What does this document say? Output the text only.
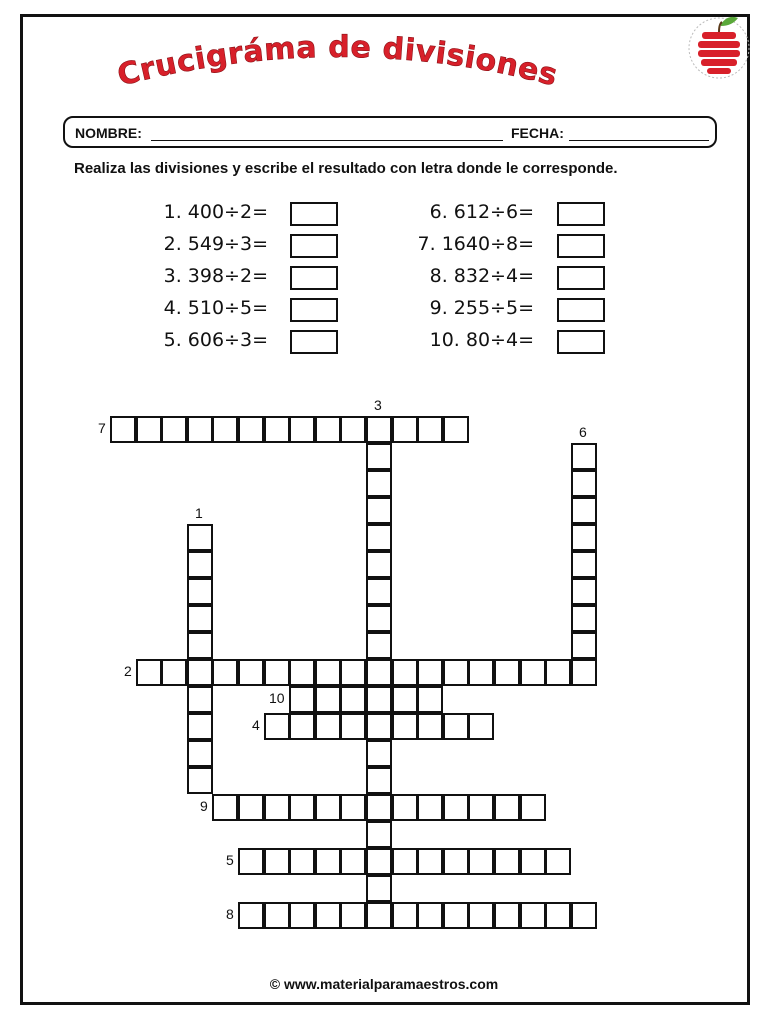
Crucigráma de divisiones
NOMBRE:	FECHA:
Realiza las divisiones y escribe el resultado con letra donde le corresponde.
1. 400÷2=
2. 549÷3=
3. 398÷2=
4. 510÷5=
5. 606÷3=
6. 612÷6=
7. 1640÷8=
8. 832÷4=
9. 255÷5=
10. 80÷4=
7
3
6
1
2
10
4
9
5
8
© www.materialparamaestros.com
